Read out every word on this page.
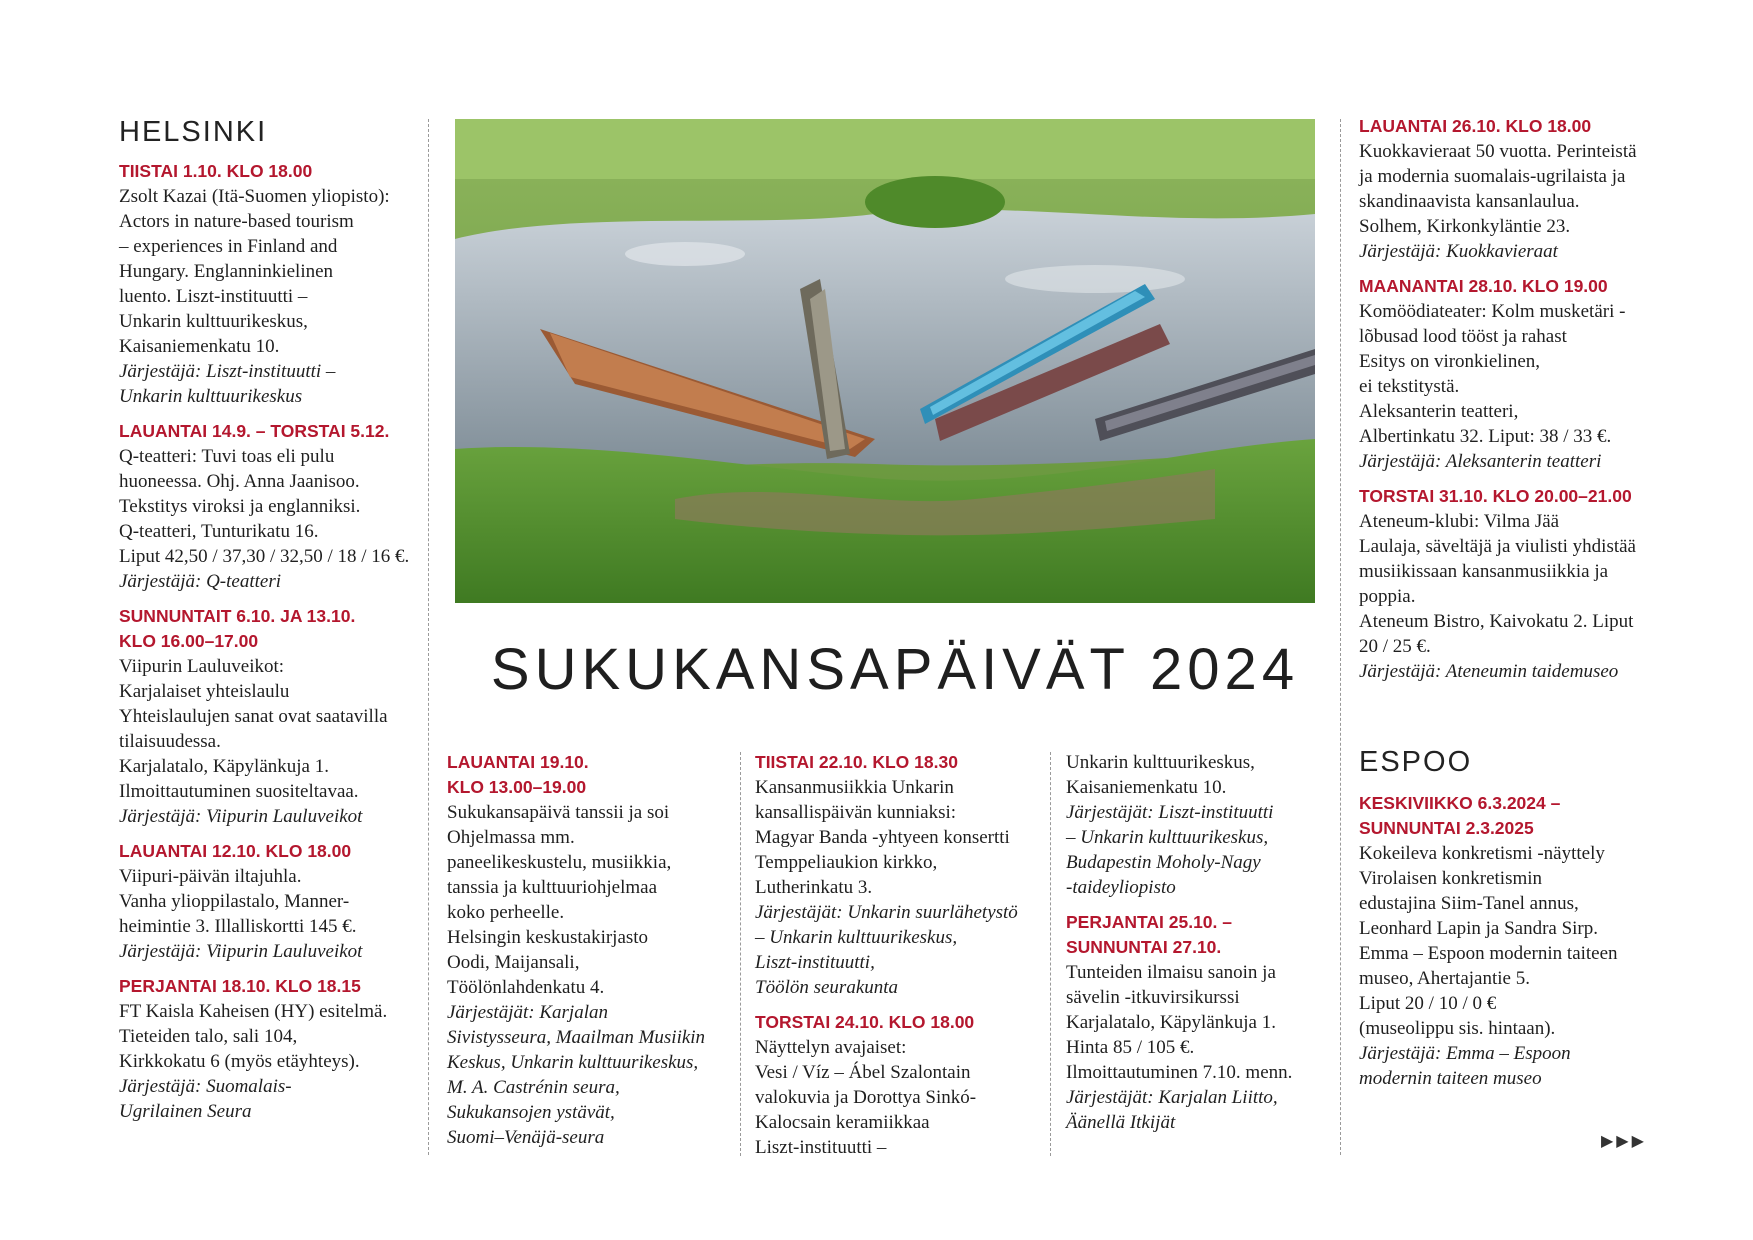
HELSINKI
TIISTAI 1.10. KLO 18.00
Zsolt Kazai (Itä-Suomen yliopisto):
Actors in nature-based tourism
– experiences in Finland and
Hungary. Englanninkielinen
luento. Liszt-instituutti –
Unkarin kulttuurikeskus,
Kaisaniemenkatu 10.
Järjestäjä: Liszt-instituutti –
Unkarin kulttuurikeskus
LAUANTAI 14.9. – TORSTAI 5.12.
Q-teatteri: Tuvi toas eli pulu
huoneessa. Ohj. Anna Jaanisoo.
Tekstitys viroksi ja englanniksi.
Q-teatteri, Tunturikatu 16.
Liput 42,50 / 37,30 / 32,50 / 18 / 16 €.
Järjestäjä: Q-teatteri
SUNNUNTAIT 6.10. JA 13.10.
KLO 16.00–17.00
Viipurin Lauluveikot:
Karjalaiset yhteislaulu
Yhteislaulujen sanat ovat saatavilla
tilaisuudessa.
Karjalatalo, Käpylänkuja 1.
Ilmoittautuminen suositeltavaa.
Järjestäjä: Viipurin Lauluveikot
LAUANTAI 12.10. KLO 18.00
Viipuri-päivän iltajuhla.
Vanha ylioppilastalo, Manner-
heimintie 3. Illalliskortti 145 €.
Järjestäjä: Viipurin Lauluveikot
PERJANTAI 18.10. KLO 18.15
FT Kaisla Kaheisen (HY) esitelmä.
Tieteiden talo, sali 104,
Kirkkokatu 6 (myös etäyhteys).
Järjestäjä: Suomalais-
Ugrilainen Seura
SUKUKANSAPÄIVÄT 2024
LAUANTAI 19.10.
KLO 13.00–19.00
Sukukansapäivä tanssii ja soi
Ohjelmassa mm.
paneelikeskustelu, musiikkia,
tanssia ja kulttuuriohjelmaa
koko perheelle.
Helsingin keskustakirjasto
Oodi, Maijansali,
Töölönlahdenkatu 4.
Järjestäjät: Karjalan
Sivistysseura, Maailman Musiikin
Keskus, Unkarin kulttuurikeskus,
M. A. Castrénin seura,
Sukukansojen ystävät,
Suomi–Venäjä-seura
TIISTAI 22.10. KLO 18.30
Kansanmusiikkia Unkarin
kansallispäivän kunniaksi:
Magyar Banda -yhtyeen konsertti
Temppeliaukion kirkko,
Lutherinkatu 3.
Järjestäjät: Unkarin suurlähetystö
– Unkarin kulttuurikeskus,
Liszt-instituutti,
Töölön seurakunta
TORSTAI 24.10. KLO 18.00
Näyttelyn avajaiset:
Vesi / Víz – Ábel Szalontain
valokuvia ja Dorottya Sinkó-
Kalocsain keramiikkaa
Liszt-instituutti –
Unkarin kulttuurikeskus,
Kaisaniemenkatu 10.
Järjestäjät: Liszt-instituutti
– Unkarin kulttuurikeskus,
Budapestin Moholy-Nagy
-taideyliopisto
PERJANTAI 25.10. –
SUNNUNTAI 27.10.
Tunteiden ilmaisu sanoin ja
sävelin -itkuvirsikurssi
Karjalatalo, Käpylänkuja 1.
Hinta 85 / 105 €.
Ilmoittautuminen 7.10. menn.
Järjestäjät: Karjalan Liitto,
Äänellä Itkijät
LAUANTAI 26.10. KLO 18.00
Kuokkavieraat 50 vuotta. Perinteistä
ja modernia suomalais-ugrilaista ja
skandinaavista kansanlaulua.
Solhem, Kirkonkyläntie 23.
Järjestäjä: Kuokkavieraat
MAANANTAI 28.10. KLO 19.00
Komöödiateater: Kolm musketäri -
lõbusad lood tööst ja rahast
Esitys on vironkielinen,
ei tekstitystä.
Aleksanterin teatteri,
Albertinkatu 32. Liput: 38 / 33 €.
Järjestäjä: Aleksanterin teatteri
TORSTAI 31.10. KLO 20.00–21.00
Ateneum-klubi: Vilma Jää
Laulaja, säveltäjä ja viulisti yhdistää
musiikissaan kansanmusiikkia ja
poppia.
Ateneum Bistro, Kaivokatu 2. Liput
20 / 25 €.
Järjestäjä: Ateneumin taidemuseo
ESPOO
KESKIVIIKKO 6.3.2024 –
SUNNUNTAI 2.3.2025
Kokeileva konkretismi -näyttely
Virolaisen konkretismin
edustajina Siim-Tanel annus,
Leonhard Lapin ja Sandra Sirp.
Emma – Espoon modernin taiteen
museo, Ahertajantie 5.
Liput 20 / 10 / 0 €
(museolippu sis. hintaan).
Järjestäjä: Emma – Espoon
modernin taiteen museo
▶▶▶
